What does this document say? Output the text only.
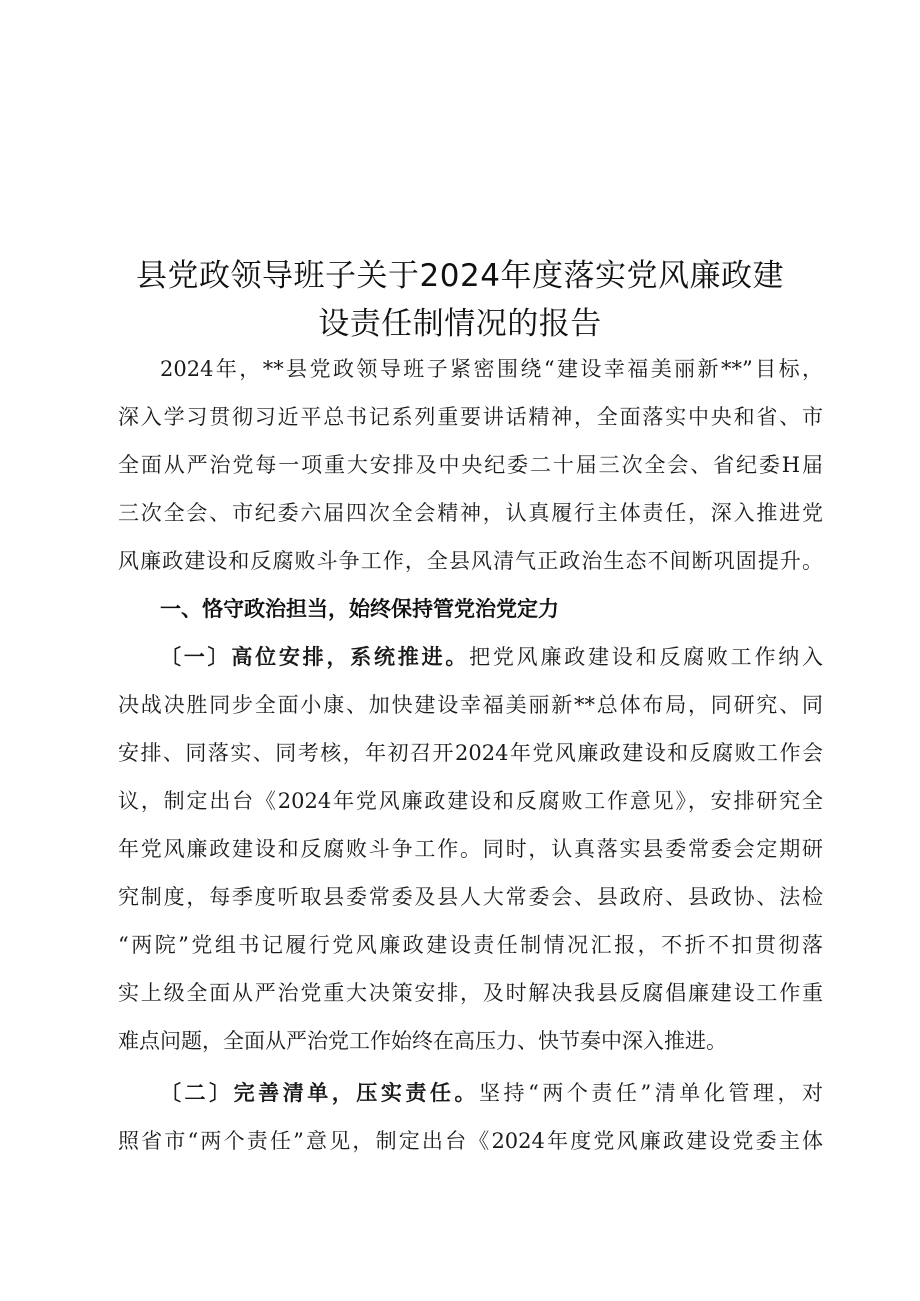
县党政领导班子关于2024年度落实党风廉政建
设责任制情况的报告
2024年，**县党政领导班子紧密围绕“建设幸福美丽新**”目标，
深入学习贯彻习近平总书记系列重要讲话精神，全面落实中央和省、市
全面从严治党每一项重大安排及中央纪委二十届三次全会、省纪委H届
三次全会、市纪委六届四次全会精神，认真履行主体责任，深入推进党
风廉政建设和反腐败斗争工作，全县风清气正政治生态不间断巩固提升。
一、恪守政治担当，始终保持管党治党定力
〔一〕高位安排，系统推进。把党风廉政建设和反腐败工作纳入
决战决胜同步全面小康、加快建设幸福美丽新**总体布局，同研究、同
安排、同落实、同考核，年初召开2024年党风廉政建设和反腐败工作会
议，制定出台《2024年党风廉政建设和反腐败工作意见》，安排研究全
年党风廉政建设和反腐败斗争工作。同时，认真落实县委常委会定期研
究制度，每季度听取县委常委及县人大常委会、县政府、县政协、法检
“两院”党组书记履行党风廉政建设责任制情况汇报，不折不扣贯彻落
实上级全面从严治党重大决策安排，及时解决我县反腐倡廉建设工作重
难点问题，全面从严治党工作始终在高压力、快节奏中深入推进。
〔二〕完善清单，压实责任。坚持“两个责任”清单化管理，对
照省市“两个责任”意见，制定出台《2024年度党风廉政建设党委主体
